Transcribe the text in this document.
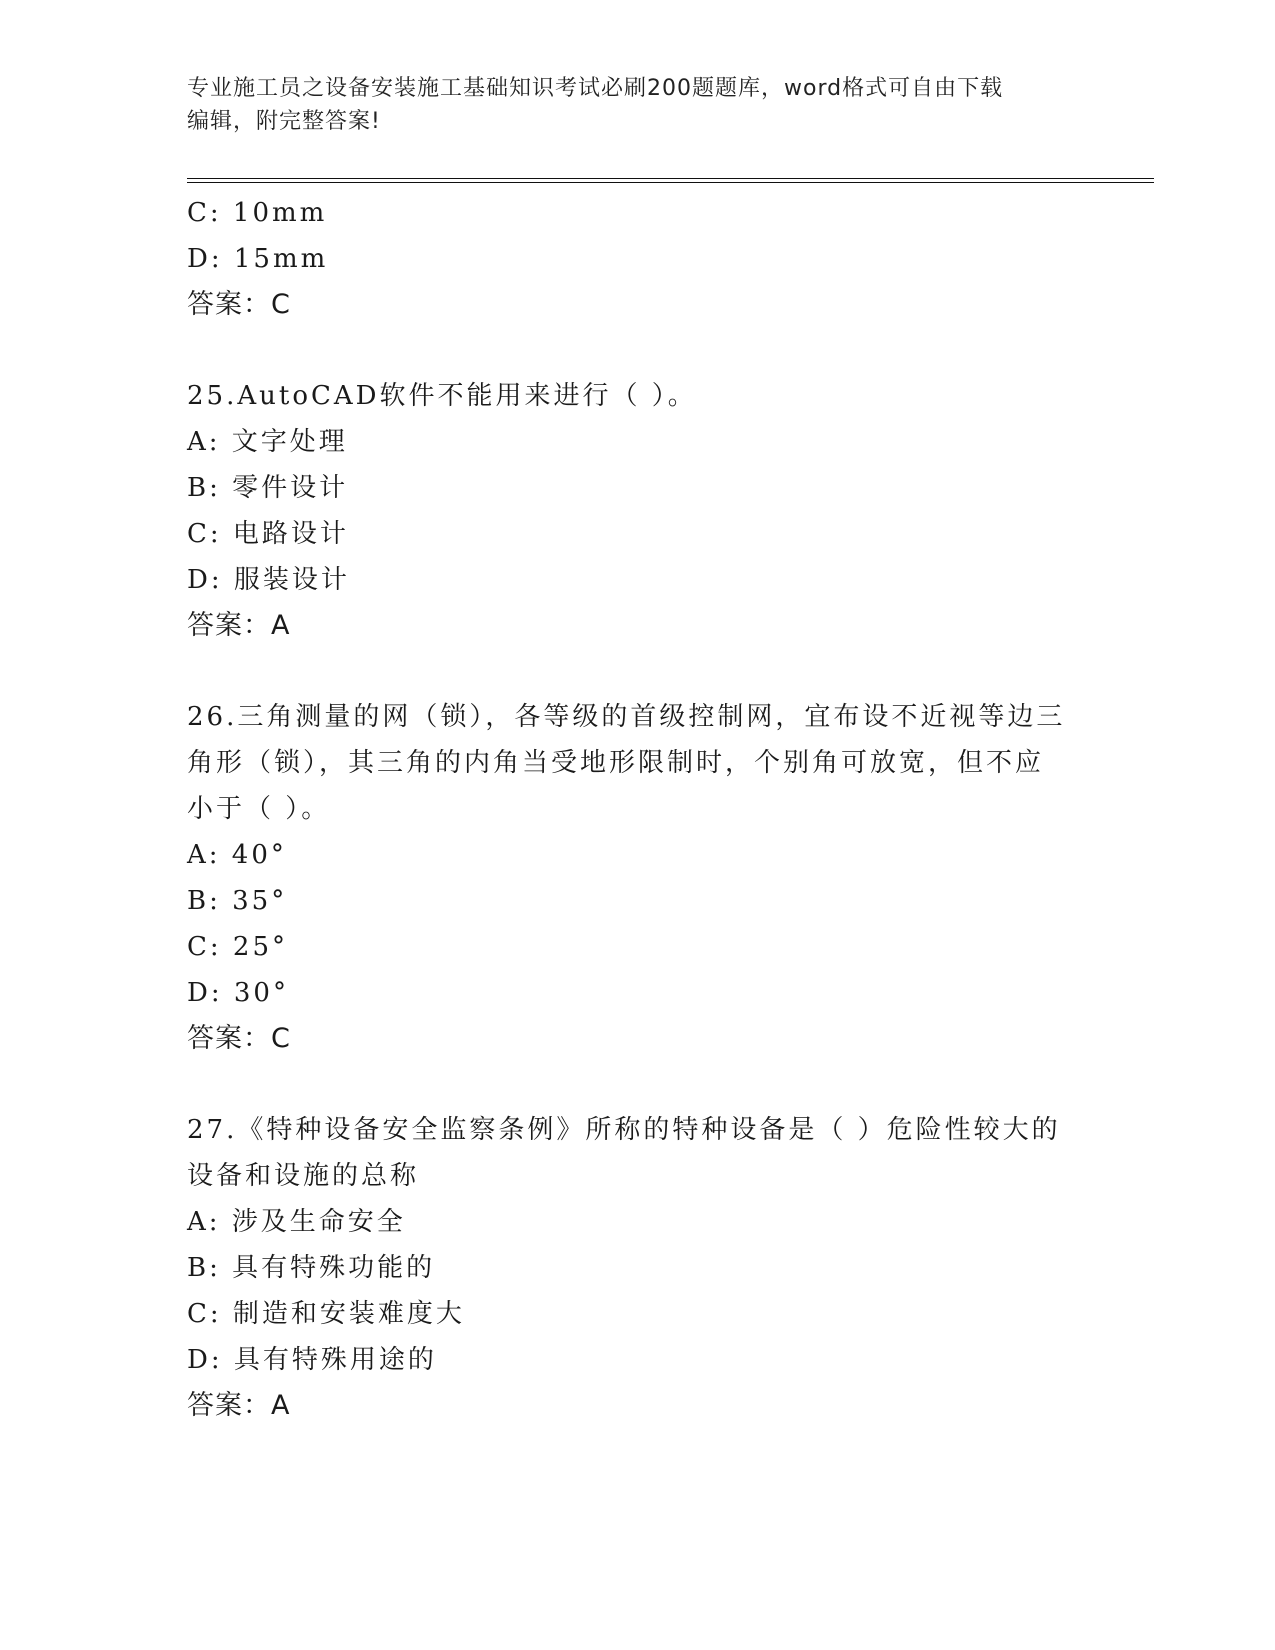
专业施工员之设备安装施工基础知识考试必刷200题题库，word格式可自由下载
编辑，附完整答案!
C: 10mm
D: 15mm
答案：C
25.AutoCAD软件不能用来进行（ ）。
A: 文字处理
B: 零件设计
C: 电路设计
D: 服装设计
答案：A
26.三角测量的网（锁），各等级的首级控制网，宜布设不近视等边三
角形（锁），其三角的内角当受地形限制时，个别角可放宽，但不应
小于（ ）。
A: 40°
B: 35°
C: 25°
D: 30°
答案：C
27.《特种设备安全监察条例》所称的特种设备是（ ）危险性较大的
设备和设施的总称
A: 涉及生命安全
B: 具有特殊功能的
C: 制造和安装难度大
D: 具有特殊用途的
答案：A
